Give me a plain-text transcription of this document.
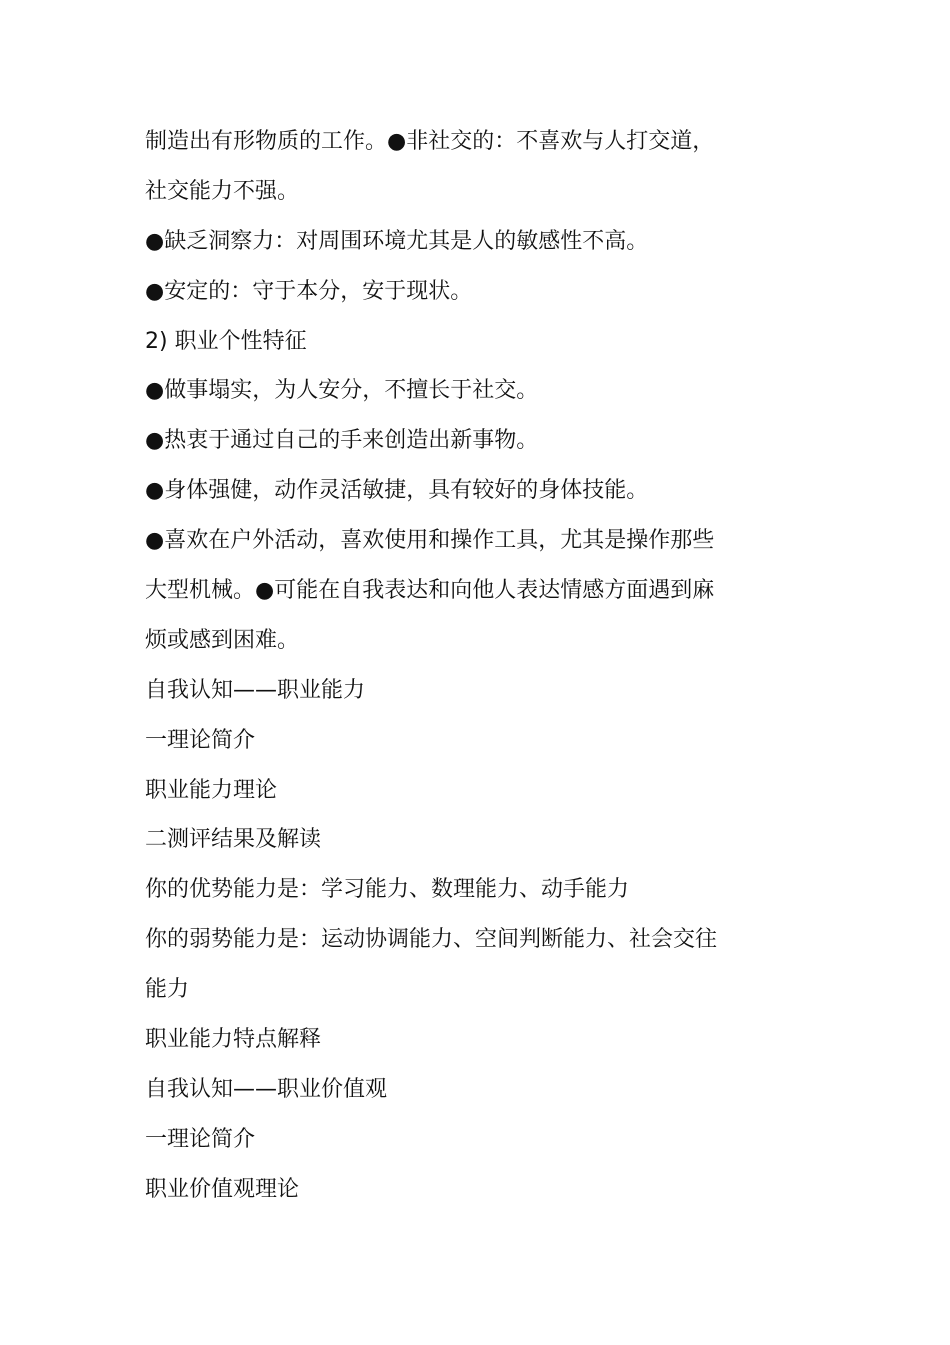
制造出有形物质的工作。●非社交的：不喜欢与人打交道，
社交能力不强。
●缺乏洞察力：对周围环境尤其是人的敏感性不高。
●安定的：守于本分，安于现状。
2) 职业个性特征
●做事塌实，为人安分，不擅长于社交。
●热衷于通过自己的手来创造出新事物。
●身体强健，动作灵活敏捷，具有较好的身体技能。
●喜欢在户外活动，喜欢使用和操作工具，尤其是操作那些
大型机械。●可能在自我表达和向他人表达情感方面遇到麻
烦或感到困难。
自我认知——职业能力
一理论简介
职业能力理论
二测评结果及解读
你的优势能力是：学习能力、数理能力、动手能力
你的弱势能力是：运动协调能力、空间判断能力、社会交往
能力
职业能力特点解释
自我认知——职业价值观
一理论简介
职业价值观理论
